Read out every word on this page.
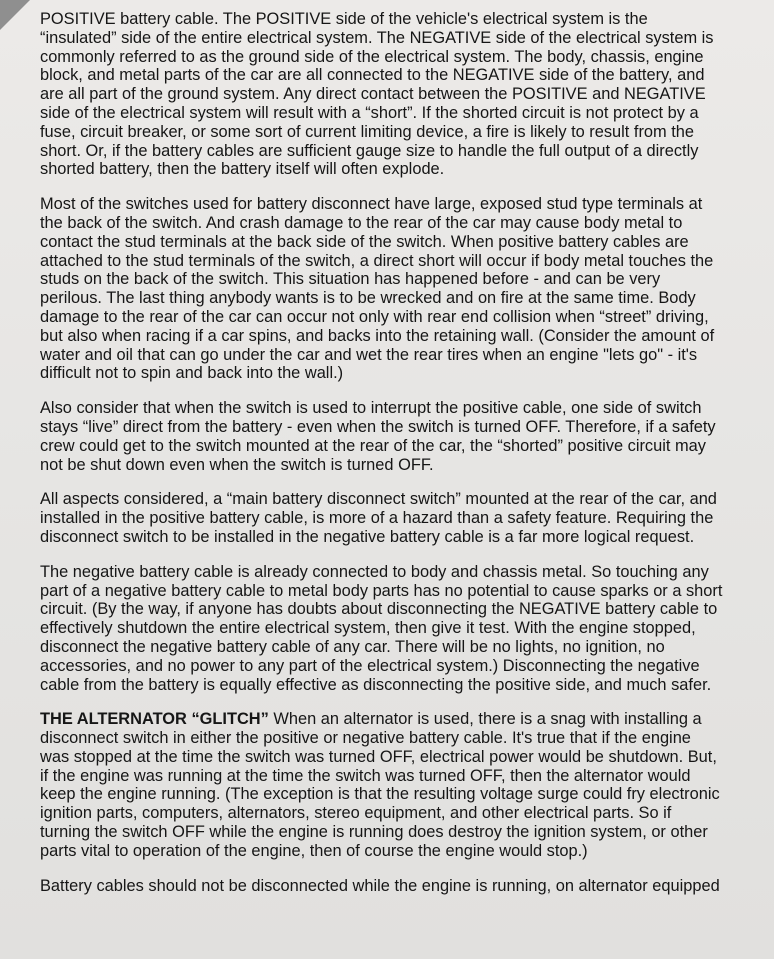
POSITIVE battery cable. The POSITIVE side of the vehicle's electrical system is the
“insulated” side of the entire electrical system. The NEGATIVE side of the electrical system is
commonly referred to as the ground side of the electrical system. The body, chassis, engine
block, and metal parts of the car are all connected to the NEGATIVE side of the battery, and
are all part of the ground system. Any direct contact between the POSITIVE and NEGATIVE
side of the electrical system will result with a “short”. If the shorted circuit is not protect by a
fuse, circuit breaker, or some sort of current limiting device, a fire is likely to result from the
short. Or, if the battery cables are sufficient gauge size to handle the full output of a directly
shorted battery, then the battery itself will often explode.

Most of the switches used for battery disconnect have large, exposed stud type terminals at
the back of the switch. And crash damage to the rear of the car may cause body metal to
contact the stud terminals at the back side of the switch. When positive battery cables are
attached to the stud terminals of the switch, a direct short will occur if body metal touches the
studs on the back of the switch. This situation has happened before - and can be very
perilous. The last thing anybody wants is to be wrecked and on fire at the same time. Body
damage to the rear of the car can occur not only with rear end collision when “street” driving,
but also when racing if a car spins, and backs into the retaining wall. (Consider the amount of
water and oil that can go under the car and wet the rear tires when an engine "lets go" - it's
difficult not to spin and back into the wall.)

Also consider that when the switch is used to interrupt the positive cable, one side of switch
stays “live” direct from the battery - even when the switch is turned OFF. Therefore, if a safety
crew could get to the switch mounted at the rear of the car, the “shorted” positive circuit may
not be shut down even when the switch is turned OFF.

All aspects considered, a “main battery disconnect switch” mounted at the rear of the car, and
installed in the positive battery cable, is more of a hazard than a safety feature. Requiring the
disconnect switch to be installed in the negative battery cable is a far more logical request.

The negative battery cable is already connected to body and chassis metal. So touching any
part of a negative battery cable to metal body parts has no potential to cause sparks or a short
circuit. (By the way, if anyone has doubts about disconnecting the NEGATIVE battery cable to
effectively shutdown the entire electrical system, then give it test. With the engine stopped,
disconnect the negative battery cable of any car. There will be no lights, no ignition, no
accessories, and no power to any part of the electrical system.) Disconnecting the negative
cable from the battery is equally effective as disconnecting the positive side, and much safer.

THE ALTERNATOR “GLITCH” When an alternator is used, there is a snag with installing a
disconnect switch in either the positive or negative battery cable. It's true that if the engine
was stopped at the time the switch was turned OFF, electrical power would be shutdown. But,
if the engine was running at the time the switch was turned OFF, then the alternator would
keep the engine running. (The exception is that the resulting voltage surge could fry electronic
ignition parts, computers, alternators, stereo equipment, and other electrical parts. So if
turning the switch OFF while the engine is running does destroy the ignition system, or other
parts vital to operation of the engine, then of course the engine would stop.)

Battery cables should not be disconnected while the engine is running, on alternator equipped
